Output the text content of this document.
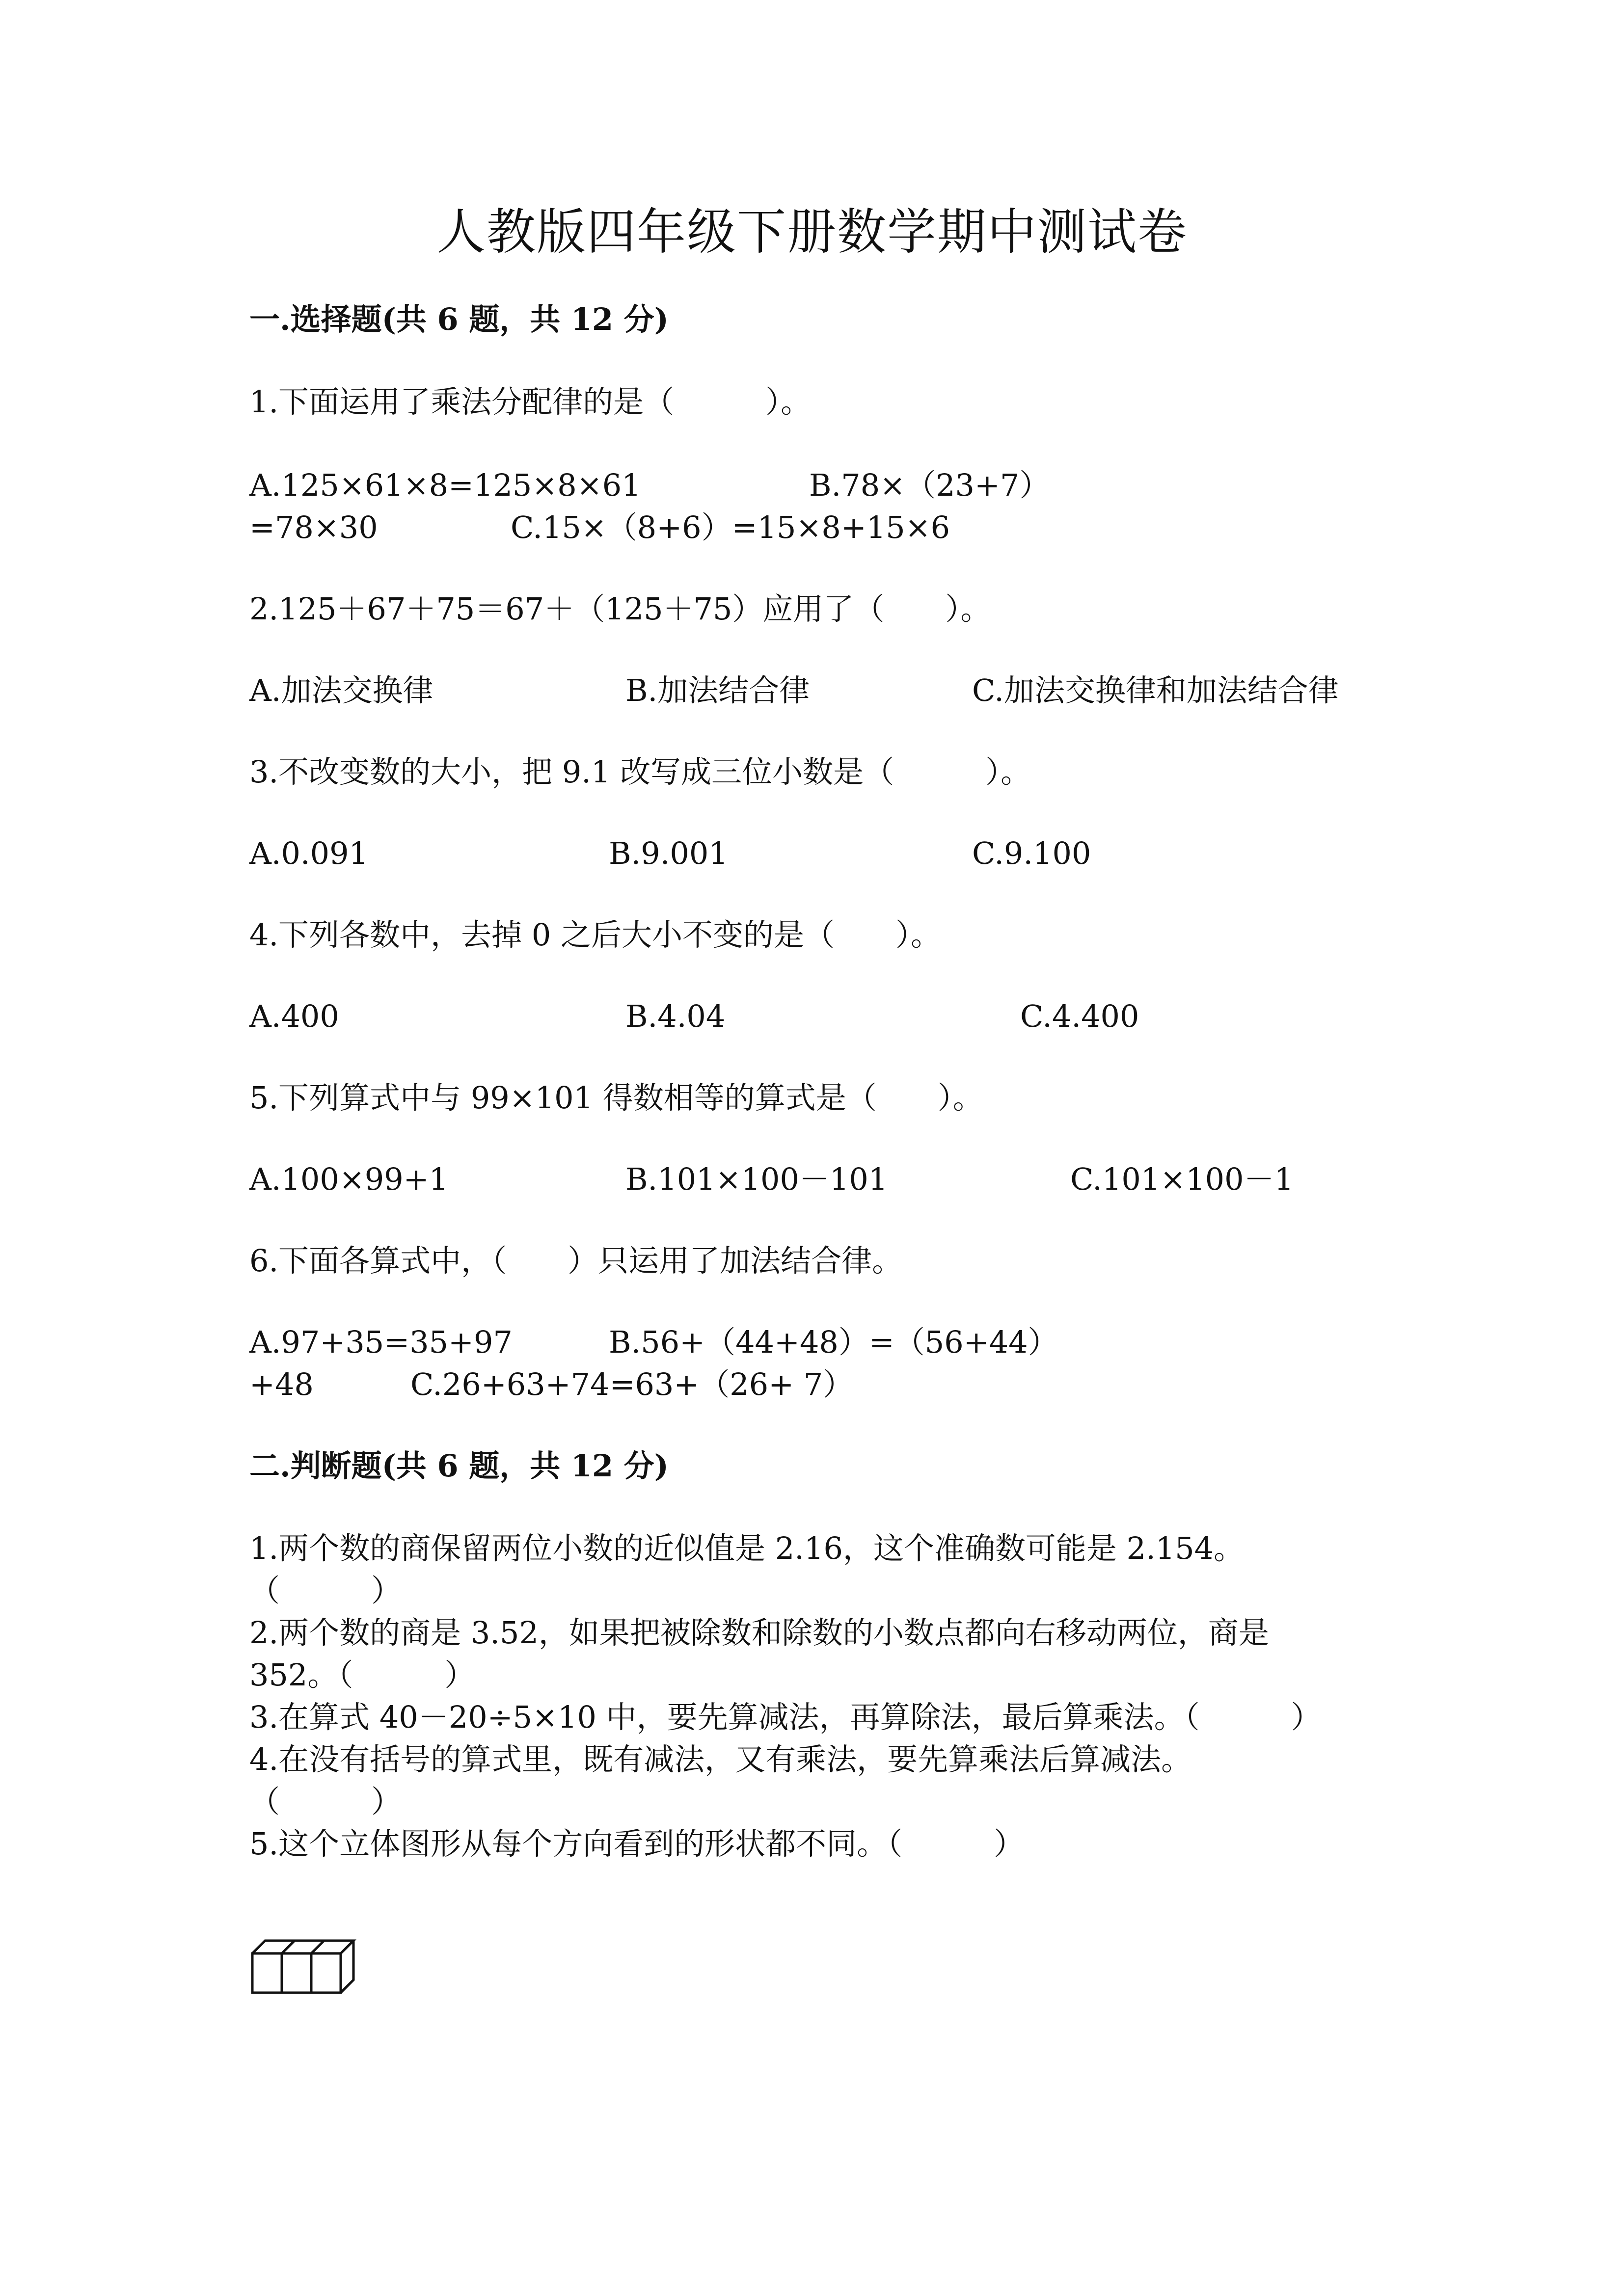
人教版四年级下册数学期中测试卷
一.选择题(共 6 题，共 12 分)
1.下面运用了乘法分配律的是（　　　）。
A.125×61×8=125×8×61	B.78×（23+7）
=78×30	C.15×（8+6）=15×8+15×6
2.125＋67＋75＝67＋（125＋75）应用了（　　）。
A.加法交换律	B.加法结合律	C.加法交换律和加法结合律
3.不改变数的大小，把 9.1 改写成三位小数是（　　　）。
A.0.091	B.9.001	C.9.100
4.下列各数中，去掉 0 之后大小不变的是（　　）。
A.400	B.4.04	C.4.400
5.下列算式中与 99×101 得数相等的算式是（　　）。
A.100×99+1	B.101×100－101	C.101×100－1
6.下面各算式中，（　　）只运用了加法结合律。
A.97+35=35+97	B.56+（44+48）=（56+44）
+48	C.26+63+74=63+（26+ 7）
二.判断题(共 6 题，共 12 分)
1.两个数的商保留两位小数的近似值是 2.16，这个准确数可能是 2.154。
（　　　）
2.两个数的商是 3.52，如果把被除数和除数的小数点都向右移动两位，商是
352。（　　　）
3.在算式 40－20÷5×10 中，要先算减法，再算除法，最后算乘法。（　　　）
4.在没有括号的算式里，既有减法，又有乘法，要先算乘法后算减法。
（　　　）
5.这个立体图形从每个方向看到的形状都不同。（　　　）
